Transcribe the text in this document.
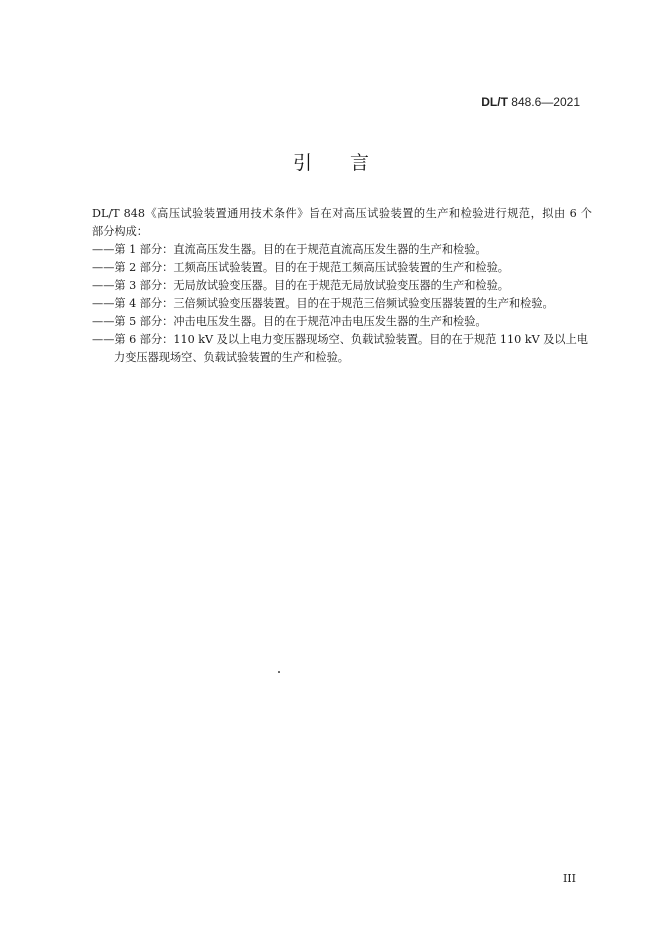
DL/T 848.6—2021
引言

DL/T 848《高压试验装置通用技术条件》旨在对高压试验装置的生产和检验进行规范，拟由 6 个
部分构成：

——第 1 部分：直流高压发生器。目的在于规范直流高压发生器的生产和检验。
——第 2 部分：工频高压试验装置。目的在于规范工频高压试验装置的生产和检验。
——第 3 部分：无局放试验变压器。目的在于规范无局放试验变压器的生产和检验。
——第 4 部分：三倍频试验变压器装置。目的在于规范三倍频试验变压器装置的生产和检验。
——第 5 部分：冲击电压发生器。目的在于规范冲击电压发生器的生产和检验。
——第 6 部分：110 kV 及以上电力变压器现场空、负载试验装置。目的在于规范 110 kV 及以上电
力变压器现场空、负载试验装置的生产和检验。
III
